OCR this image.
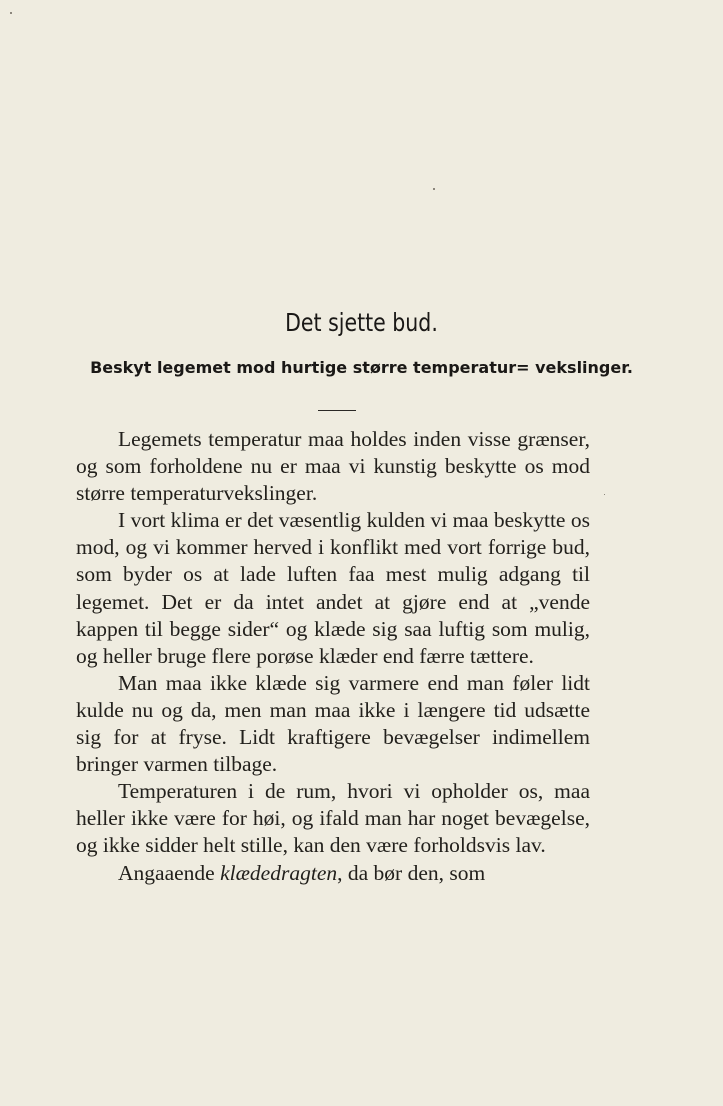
Det sjette bud.
Beskyt legemet mod hurtige større temperatur= vekslinger.

Legemets temperatur maa holdes inden visse grænser, og som forholdene nu er maa vi kunstig beskytte os mod større temperaturvekslinger.

I vort klima er det væsentlig kulden vi maa beskytte os mod, og vi kommer herved i konflikt med vort forrige bud, som byder os at lade luften faa mest mulig adgang til legemet. Det er da intet andet at gjøre end at „vende kappen til begge sider“ og klæde sig saa luftig som mulig, og heller bruge flere porøse klæder end færre tættere.

Man maa ikke klæde sig varmere end man føler lidt kulde nu og da, men man maa ikke i længere tid udsætte sig for at fryse. Lidt kraftigere bevægelser indimellem bringer varmen tilbage.

Temperaturen i de rum, hvori vi opholder os, maa heller ikke være for høi, og ifald man har noget bevægelse, og ikke sidder helt stille, kan den være forholdsvis lav.

Angaaende klædedragten, da bør den, som
